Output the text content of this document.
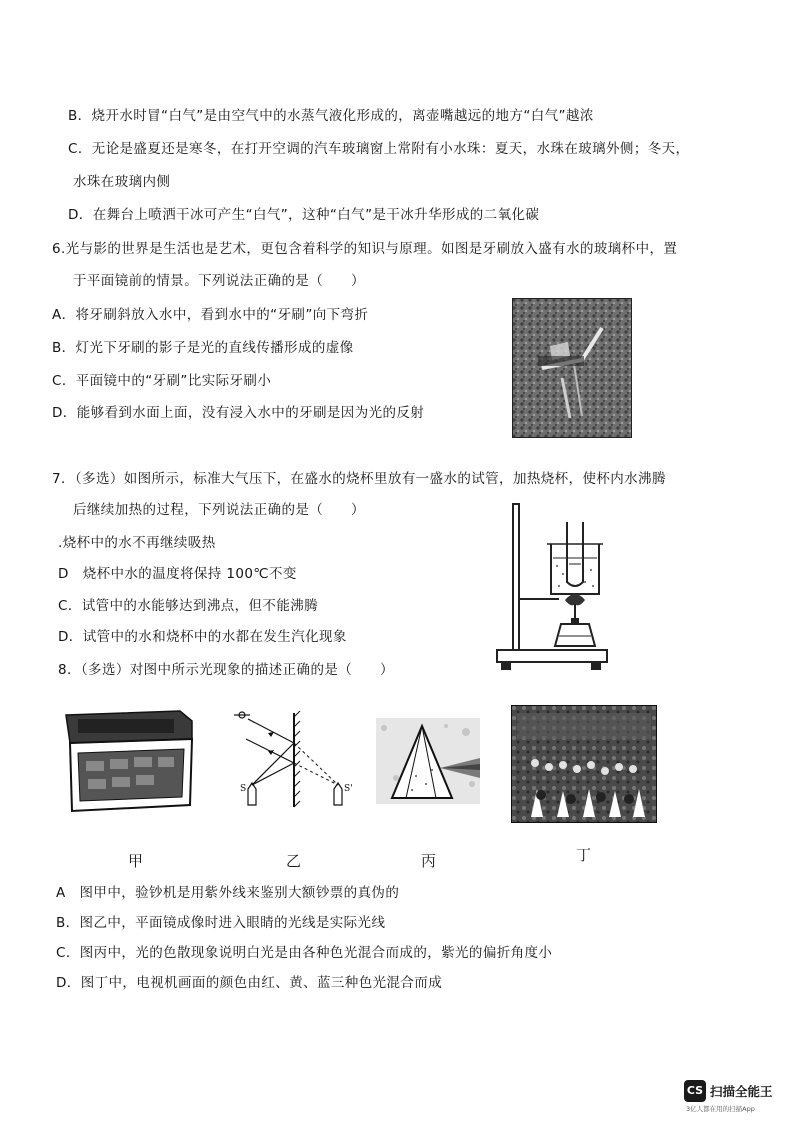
B．烧开水时冒“白气”是由空气中的水蒸气液化形成的，离壶嘴越远的地方“白气”越浓
C．无论是盛夏还是寒冬，在打开空调的汽车玻璃窗上常附有小水珠：夏天，水珠在玻璃外侧；冬天，
水珠在玻璃内侧
D．在舞台上喷洒干冰可产生“白气”，这种“白气”是干冰升华形成的二氧化碳
6.光与影的世界是生活也是艺术，更包含着科学的知识与原理。如图是牙刷放入盛有水的玻璃杯中，置
于平面镜前的情景。下列说法正确的是（　　）
A．将牙刷斜放入水中，看到水中的“牙刷”向下弯折
B．灯光下牙刷的影子是光的直线传播形成的虚像
C．平面镜中的“牙刷”比实际牙刷小
D．能够看到水面上面，没有浸入水中的牙刷是因为光的反射
7．（多选）如图所示，标准大气压下，在盛水的烧杯里放有一盛水的试管，加热烧杯，使杯内水沸腾
后继续加热的过程，下列说法正确的是（　　）
.烧杯中的水不再继续吸热
D　烧杯中水的温度将保持 100℃不变
C．试管中的水能够达到沸点，但不能沸腾
D．试管中的水和烧杯中的水都在发生汽化现象
8．（多选）对图中所示光现象的描述正确的是（　　）
S	S'
甲	乙	丙	丁
A　图甲中，验钞机是用紫外线来鉴别大额钞票的真伪的
B．图乙中，平面镜成像时进入眼睛的光线是实际光线
C．图丙中，光的色散现象说明白光是由各种色光混合而成的，紫光的偏折角度小
D．图丁中，电视机画面的颜色由红、黄、蓝三种色光混合而成
CS 扫描全能王
3亿人都在用的扫描App
